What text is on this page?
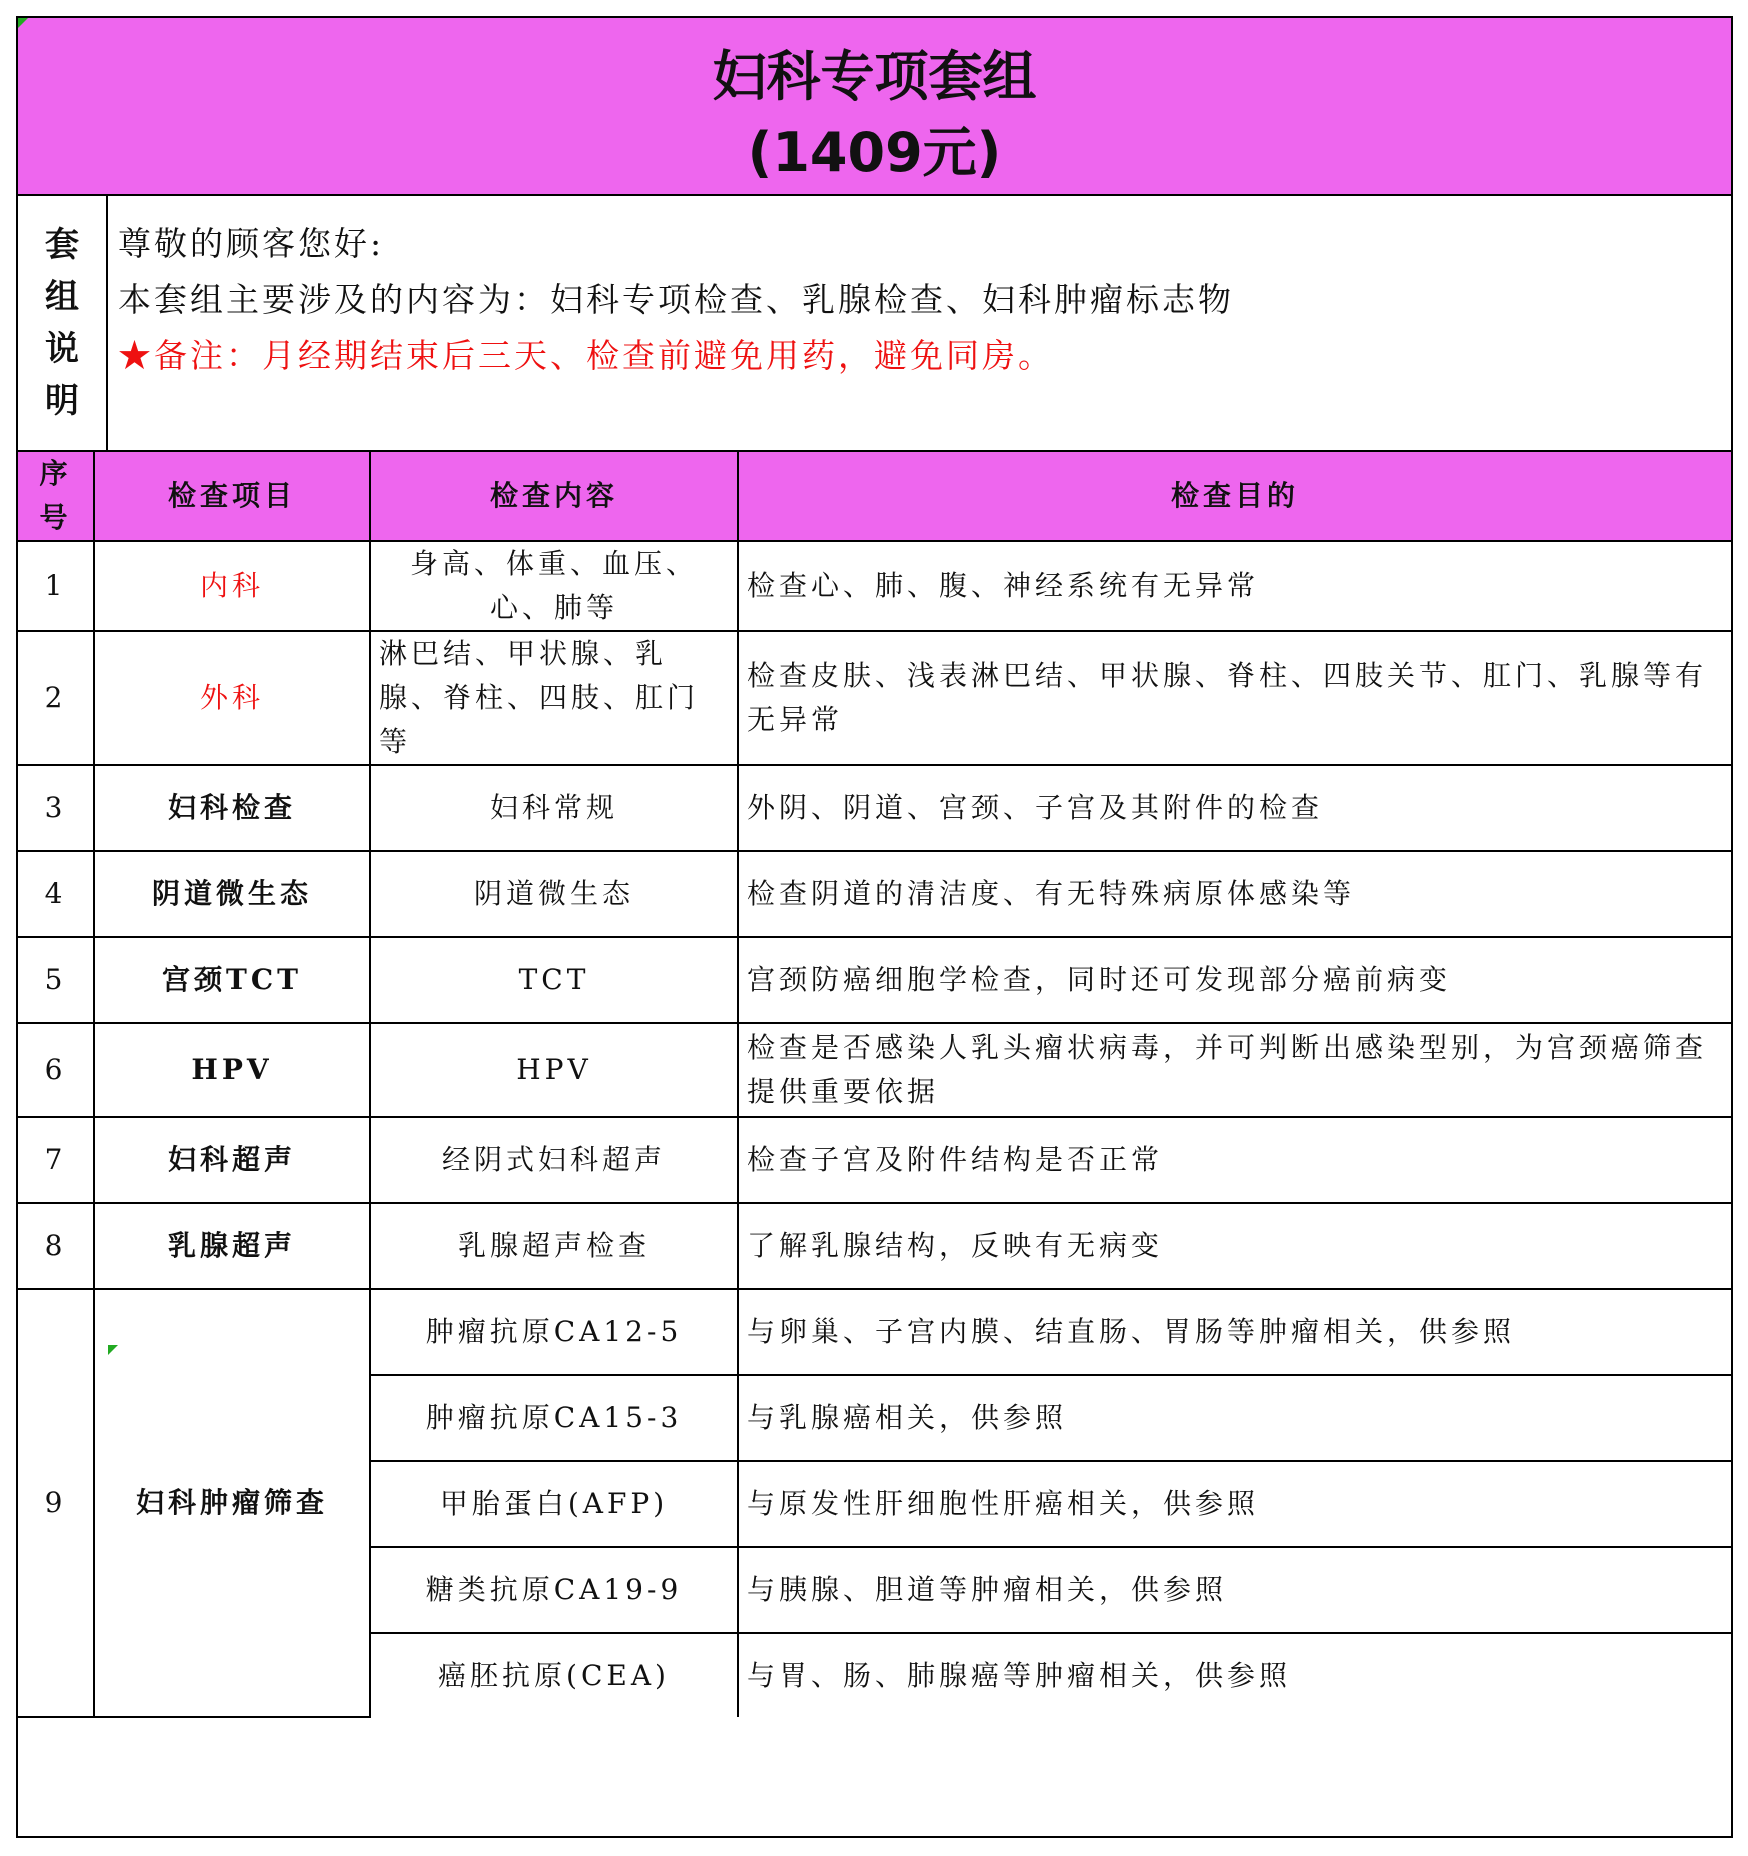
妇科专项套组
(1409元)
套
组
说
明
尊敬的顾客您好:
本套组主要涉及的内容为：妇科专项检查、乳腺检查、妇科肿瘤标志物
★备注：月经期结束后三天、检查前避免用药，避免同房。
序号	检查项目	检查内容	检查目的
1	内科	身高、体重、血压、心、肺等	检查心、肺、腹、神经系统有无异常
2	外科	淋巴结、甲状腺、乳腺、脊柱、四肢、肛门等	检查皮肤、浅表淋巴结、甲状腺、脊柱、四肢关节、肛门、乳腺等有无异常
3	妇科检查	妇科常规	外阴、阴道、宫颈、子宫及其附件的检查
4	阴道微生态	阴道微生态	检查阴道的清洁度、有无特殊病原体感染等
5	宫颈TCT	TCT	宫颈防癌细胞学检查，同时还可发现部分癌前病变
6	HPV	HPV	检查是否感染人乳头瘤状病毒，并可判断出感染型别，为宫颈癌筛查提供重要依据
7	妇科超声	经阴式妇科超声	检查子宫及附件结构是否正常
8	乳腺超声	乳腺超声检查	了解乳腺结构，反映有无病变
9	妇科肿瘤筛查	肿瘤抗原CA12-5	与卵巢、子宫内膜、结直肠、胃肠等肿瘤相关，供参照
		肿瘤抗原CA15-3	与乳腺癌相关，供参照
		甲胎蛋白(AFP)	与原发性肝细胞性肝癌相关，供参照
		糖类抗原CA19-9	与胰腺、胆道等肿瘤相关，供参照
		癌胚抗原(CEA)	与胃、肠、肺腺癌等肿瘤相关，供参照
